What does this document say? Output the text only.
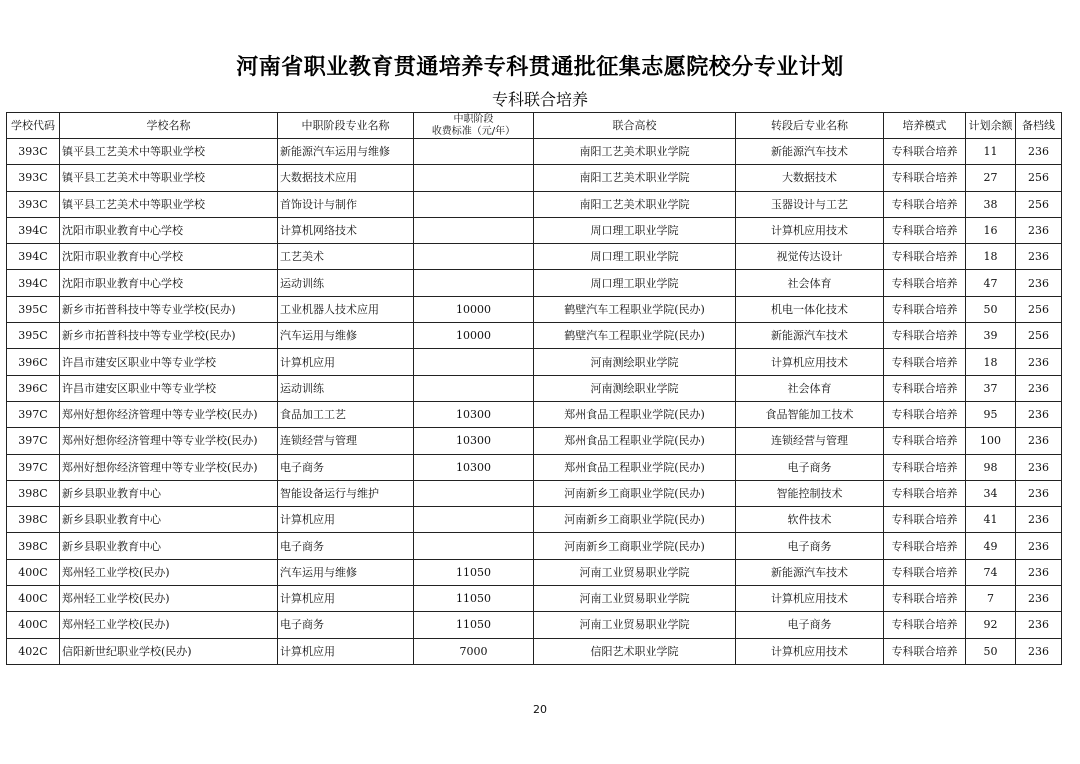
河南省职业教育贯通培养专科贯通批征集志愿院校分专业计划
专科联合培养
学校代码	学校名称	中职阶段专业名称	中职阶段
收费标准（元/年）	联合高校	转段后专业名称	培养模式	计划余额	备档线
393C	镇平县工艺美术中等职业学校	新能源汽车运用与维修		南阳工艺美术职业学院	新能源汽车技术	专科联合培养	11	236
393C	镇平县工艺美术中等职业学校	大数据技术应用		南阳工艺美术职业学院	大数据技术	专科联合培养	27	256
393C	镇平县工艺美术中等职业学校	首饰设计与制作		南阳工艺美术职业学院	玉器设计与工艺	专科联合培养	38	256
394C	沈阳市职业教育中心学校	计算机网络技术		周口理工职业学院	计算机应用技术	专科联合培养	16	236
394C	沈阳市职业教育中心学校	工艺美术		周口理工职业学院	视觉传达设计	专科联合培养	18	236
394C	沈阳市职业教育中心学校	运动训练		周口理工职业学院	社会体育	专科联合培养	47	236
395C	新乡市拓普科技中等专业学校(民办)	工业机器人技术应用	10000	鹤壁汽车工程职业学院(民办)	机电一体化技术	专科联合培养	50	256
395C	新乡市拓普科技中等专业学校(民办)	汽车运用与维修	10000	鹤壁汽车工程职业学院(民办)	新能源汽车技术	专科联合培养	39	256
396C	许昌市建安区职业中等专业学校	计算机应用		河南测绘职业学院	计算机应用技术	专科联合培养	18	236
396C	许昌市建安区职业中等专业学校	运动训练		河南测绘职业学院	社会体育	专科联合培养	37	236
397C	郑州好想你经济管理中等专业学校(民办)	食品加工工艺	10300	郑州食品工程职业学院(民办)	食品智能加工技术	专科联合培养	95	236
397C	郑州好想你经济管理中等专业学校(民办)	连锁经营与管理	10300	郑州食品工程职业学院(民办)	连锁经营与管理	专科联合培养	100	236
397C	郑州好想你经济管理中等专业学校(民办)	电子商务	10300	郑州食品工程职业学院(民办)	电子商务	专科联合培养	98	236
398C	新乡县职业教育中心	智能设备运行与维护		河南新乡工商职业学院(民办)	智能控制技术	专科联合培养	34	236
398C	新乡县职业教育中心	计算机应用		河南新乡工商职业学院(民办)	软件技术	专科联合培养	41	236
398C	新乡县职业教育中心	电子商务		河南新乡工商职业学院(民办)	电子商务	专科联合培养	49	236
400C	郑州轻工业学校(民办)	汽车运用与维修	11050	河南工业贸易职业学院	新能源汽车技术	专科联合培养	74	236
400C	郑州轻工业学校(民办)	计算机应用	11050	河南工业贸易职业学院	计算机应用技术	专科联合培养	7	236
400C	郑州轻工业学校(民办)	电子商务	11050	河南工业贸易职业学院	电子商务	专科联合培养	92	236
402C	信阳新世纪职业学校(民办)	计算机应用	7000	信阳艺术职业学院	计算机应用技术	专科联合培养	50	236
20
